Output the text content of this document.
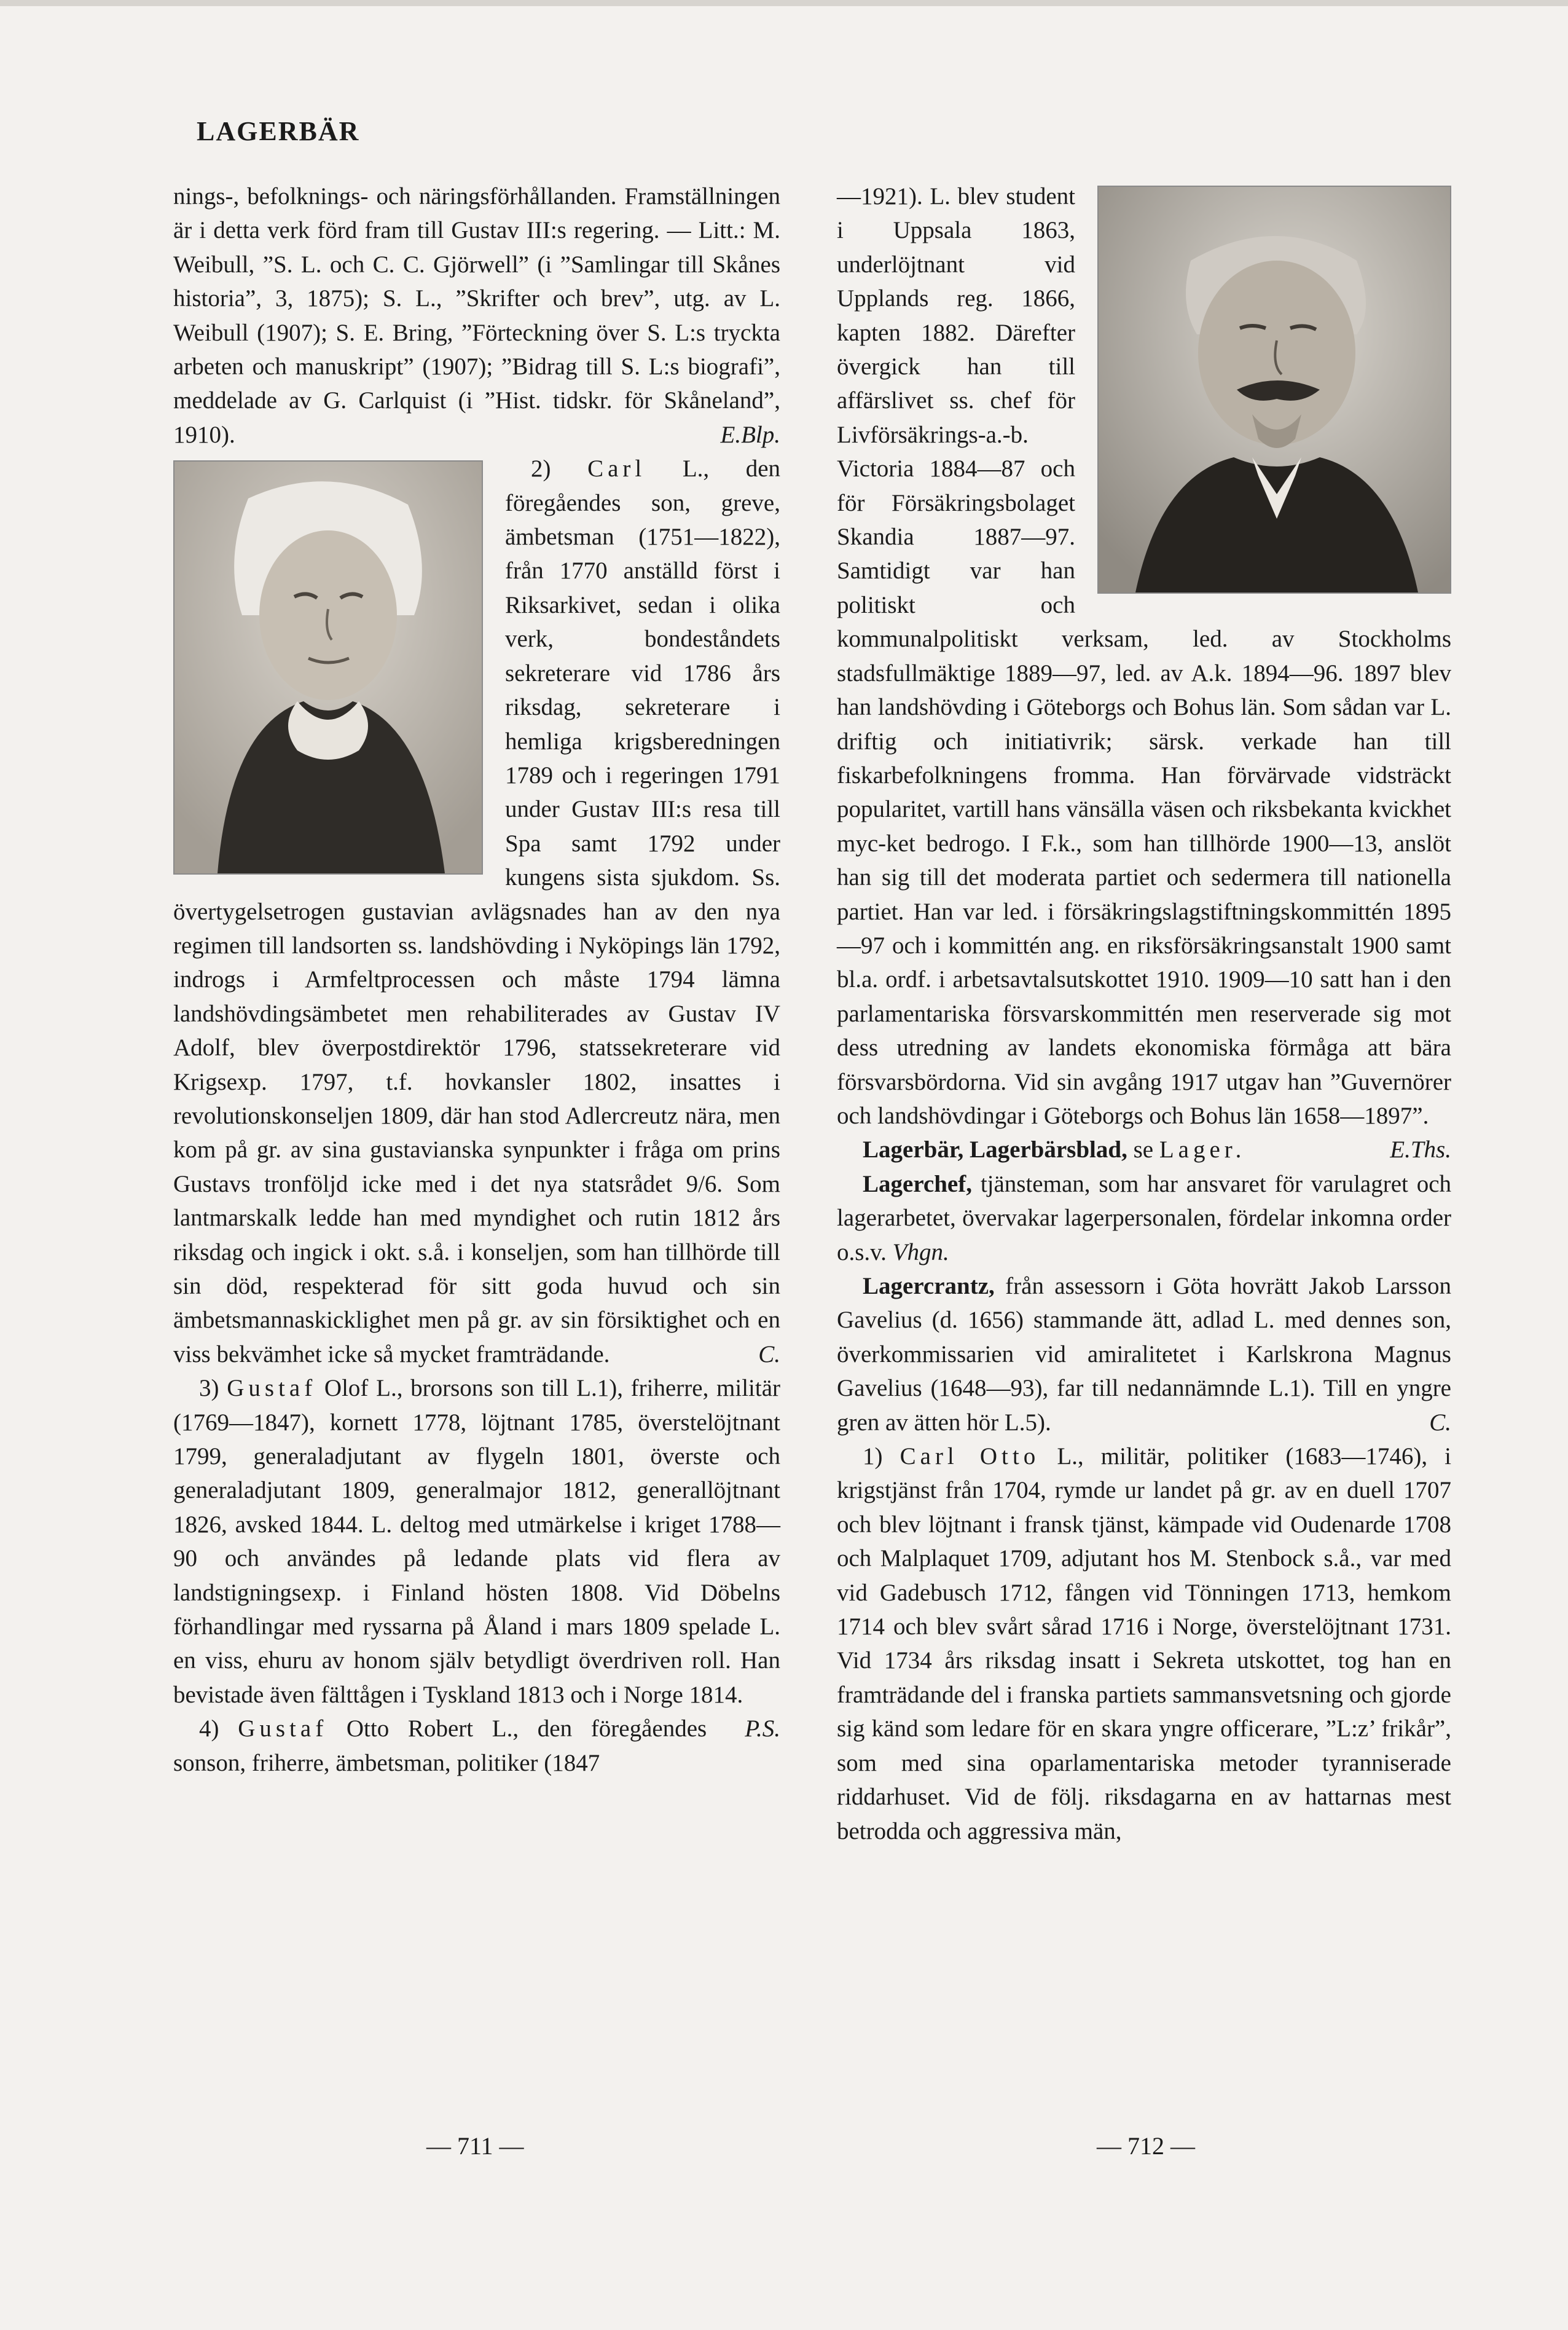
LAGERBÄR

nings-, befolknings- och näringsförhållanden. Framställningen är i detta verk förd fram till Gustav III:s regering. — Litt.: M. Weibull, ”S. L. och C. C. Gjörwell” (i ”Samlingar till Skånes historia”, 3, 1875); S. L., ”Skrifter och brev”, utg. av L. Weibull (1907); S. E. Bring, ”Förteckning över S. L:s tryckta arbeten och manuskript” (1907); ”Bidrag till S. L:s biografi”, meddelade av G. Carlquist (i ”Hist. tidskr. för Skåneland”, 1910).	E.Blp.

2) Carl L., den föregåendes son, greve, ämbetsman (1751—1822), från 1770 anställd först i Riksarkivet, sedan i olika verk, bondeståndets sekreterare vid 1786 års riksdag, sekreterare i hemliga krigsberedningen 1789 och i regeringen 1791 under Gustav III:s resa till Spa samt 1792 under kungens sista sjukdom. Ss. övertygelsetrogen gustavian avlägsnades han av den nya regimen till landsorten ss. landshövding i Nyköpings län 1792, indrogs i Armfeltprocessen och måste 1794 lämna landshövdingsämbetet men rehabiliterades av Gustav IV Adolf, blev överpostdirektör 1796, statssekreterare vid Krigsexp. 1797, t.f. hovkansler 1802, insattes i revolutionskonseljen 1809, där han stod Adlercreutz nära, men kom på gr. av sina gustavianska synpunkter i fråga om prins Gustavs tronföljd icke med i det nya statsrådet 9/6. Som lantmarskalk ledde han med myndighet och rutin 1812 års riksdag och ingick i okt. s.å. i konseljen, som han tillhörde till sin död, respekterad för sitt goda huvud och sin ämbetsmannaskicklighet men på gr. av sin försiktighet och en viss bekvämhet icke så mycket framträdande.	C.

3) Gustaf Olof L., brorsons son till L.1), friherre, militär (1769—1847), kornett 1778, löjtnant 1785, överstelöjtnant 1799, generaladjutant av flygeln 1801, överste och generaladjutant 1809, generalmajor 1812, generallöjtnant 1826, avsked 1844. L. deltog med utmärkelse i kriget 1788—90 och användes på ledande plats vid flera av landstigningsexp. i Finland hösten 1808. Vid Döbelns förhandlingar med ryssarna på Åland i mars 1809 spelade L. en viss, ehuru av honom själv betydligt överdriven roll. Han bevistade även fälttågen i Tyskland 1813 och i Norge 1814.
P.S.

4) Gustaf Otto Robert L., den föregåendes sonson, friherre, ämbetsman, politiker (1847

—1921). L. blev student i Uppsala 1863, underlöjtnant vid Upplands reg. 1866, kapten 1882. Därefter övergick han till affärslivet ss. chef för Livförsäkrings-a.-b. Victoria 1884—87 och för Försäkringsbolaget Skandia 1887—97. Samtidigt var han politiskt och kommunalpolitiskt verksam, led. av Stockholms stadsfullmäktige 1889—97, led. av A.k. 1894—96. 1897 blev han landshövding i Göteborgs och Bohus län. Som sådan var L. driftig och initiativrik; särsk. verkade han till fiskarbefolkningens fromma. Han förvärvade vidsträckt popularitet, vartill hans vänsälla väsen och riksbekanta kvickhet myc-ket bedrogo. I F.k., som han tillhörde 1900—13, anslöt han sig till det moderata partiet och sedermera till nationella partiet. Han var led. i försäkringslagstiftningskommittén 1895—97 och i kommittén ang. en riksförsäkringsanstalt 1900 samt bl.a. ordf. i arbetsavtalsutskottet 1910. 1909—10 satt han i den parlamentariska försvarskommittén men reserverade sig mot dess utredning av landets ekonomiska förmåga att bära försvarsbördorna. Vid sin avgång 1917 utgav han ”Guvernörer och landshövdingar i Göteborgs och Bohus län 1658—1897”.
E.Ths.

Lagerbär, Lagerbärsblad, se Lager.

Lagerchef, tjänsteman, som har ansvaret för varulagret och lagerarbetet, övervakar lagerpersonalen, fördelar inkomna order o.s.v. Vhgn.

Lagercrantz, från assessorn i Göta hovrätt Jakob Larsson Gavelius (d. 1656) stammande ätt, adlad L. med dennes son, överkommissarien vid amiralitetet i Karlskrona Magnus Gavelius (1648—93), far till nedannämnde L.1). Till en yngre gren av ätten hör L.5).	C.

1) Carl Otto L., militär, politiker (1683—1746), i krigstjänst från 1704, rymde ur landet på gr. av en duell 1707 och blev löjtnant i fransk tjänst, kämpade vid Oudenarde 1708 och Malplaquet 1709, adjutant hos M. Stenbock s.å., var med vid Gadebusch 1712, fången vid Tönningen 1713, hemkom 1714 och blev svårt sårad 1716 i Norge, överstelöjtnant 1731. Vid 1734 års riksdag insatt i Sekreta utskottet, tog han en framträdande del i franska partiets sammansvetsning och gjorde sig känd som ledare för en skara yngre officerare, ”L:z’ frikår”, som med sina oparlamentariska metoder tyranniserade riddarhuset. Vid de följ. riksdagarna en av hattarnas mest betrodda och aggressiva män,

— 711 —	— 712 —
